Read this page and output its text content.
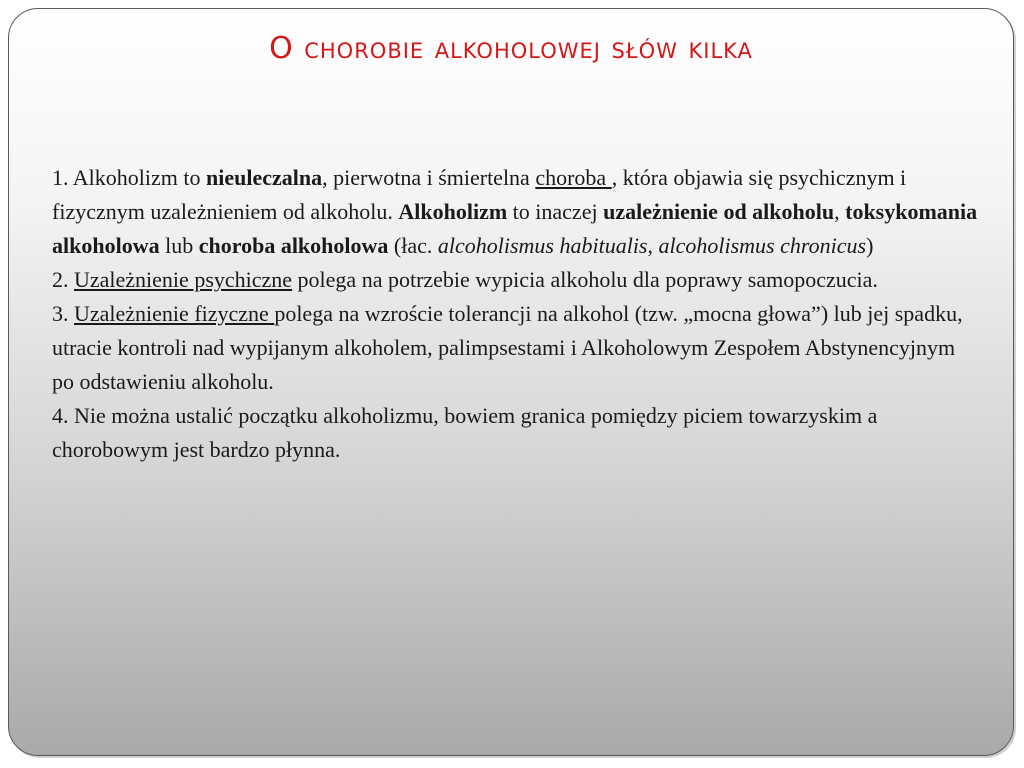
O chorobie alkoholowej słów kilka

1. Alkoholizm to nieuleczalna, pierwotna i śmiertelna choroba , która objawia się psychicznym i fizycznym uzależnieniem od alkoholu. Alkoholizm to inaczej uzależnienie od alkoholu, toksykomania alkoholowa lub choroba alkoholowa (łac. alcoholismus habitualis, alcoholismus chronicus)

2. Uzależnienie psychiczne polega na potrzebie wypicia alkoholu dla poprawy samopoczucia.

3. Uzależnienie fizyczne polega na wzroście tolerancji na alkohol (tzw. „mocna głowa”) lub jej spadku, utracie kontroli nad wypijanym alkoholem, palimpsestami i Alkoholowym Zespołem Abstynencyjnym po odstawieniu alkoholu.

4. Nie można ustalić początku alkoholizmu, bowiem granica pomiędzy piciem towarzyskim a chorobowym jest bardzo płynna.
